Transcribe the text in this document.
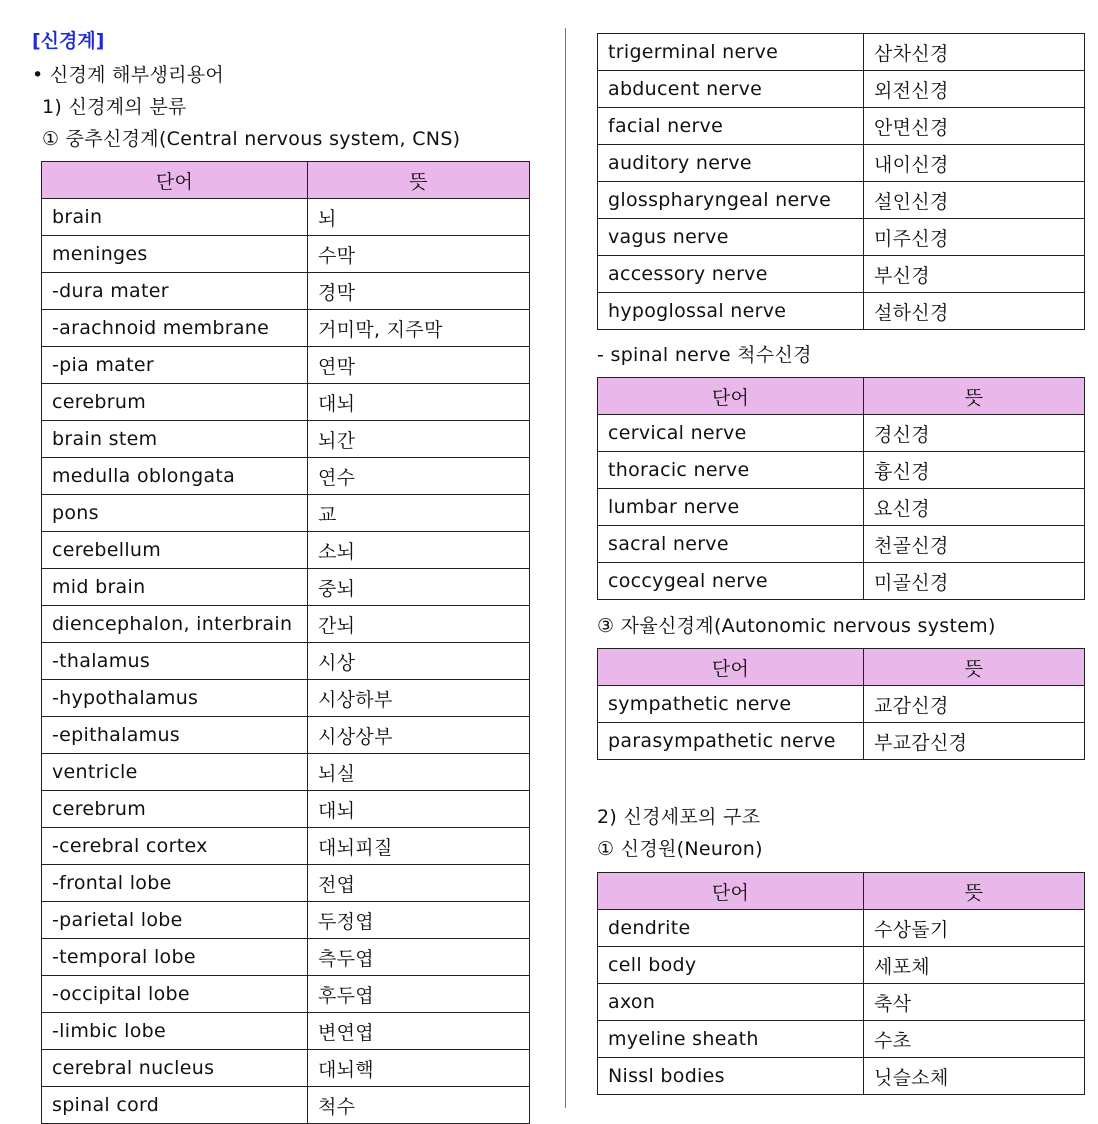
[신경계]
• 신경계 해부생리용어
1) 신경계의 분류
① 중추신경계(Central nervous system, CNS)
단어	뜻
brain	뇌
meninges	수막
-dura mater	경막
-arachnoid membrane	거미막, 지주막
-pia mater	연막
cerebrum	대뇌
brain stem	뇌간
medulla oblongata	연수
pons	교
cerebellum	소뇌
mid brain	중뇌
diencephalon, interbrain	간뇌
-thalamus	시상
-hypothalamus	시상하부
-epithalamus	시상상부
ventricle	뇌실
cerebrum	대뇌
-cerebral cortex	대뇌피질
-frontal lobe	전엽
-parietal lobe	두정엽
-temporal lobe	측두엽
-occipital lobe	후두엽
-limbic lobe	변연엽
cerebral nucleus	대뇌핵
spinal cord	척수
trigerminal nerve	삼차신경
abducent nerve	외전신경
facial nerve	안면신경
auditory nerve	내이신경
glosspharyngeal nerve	설인신경
vagus nerve	미주신경
accessory nerve	부신경
hypoglossal nerve	설하신경
- spinal nerve 척수신경
단어	뜻
cervical nerve	경신경
thoracic nerve	흉신경
lumbar nerve	요신경
sacral nerve	천골신경
coccygeal nerve	미골신경
③ 자율신경계(Autonomic nervous system)
단어	뜻
sympathetic nerve	교감신경
parasympathetic nerve	부교감신경
2) 신경세포의 구조
① 신경원(Neuron)
단어	뜻
dendrite	수상돌기
cell body	세포체
axon	축삭
myeline sheath	수초
Nissl bodies	닛슬소체
